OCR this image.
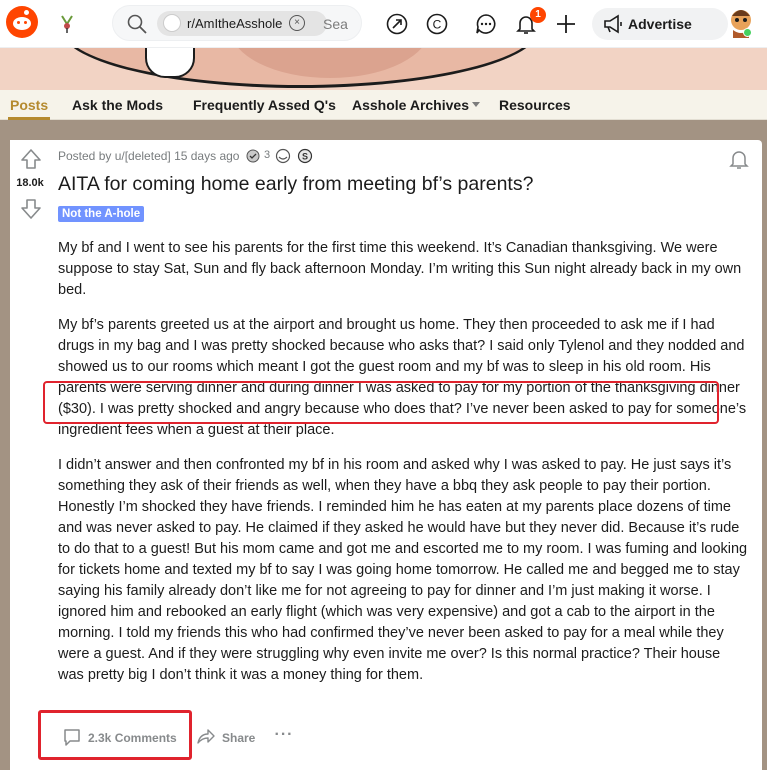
r/AmItheAsshole	×	Sea	C
1
Advertise
Posts Ask the Mods Frequently Assed Q's Asshole Archives Resources
18.0k
Posted by u/[deleted] 15 days ago 3	S
AITA for coming home early from meeting bf’s parents?
Not the A-hole

My bf and I went to see his parents for the first time this weekend. It’s Canadian thanksgiving. We were suppose to stay Sat, Sun and fly back afternoon Monday. I’m writing this Sun night already back in my own bed.

My bf’s parents greeted us at the airport and brought us home. They then proceeded to ask me if I had drugs in my bag and I was pretty shocked because who asks that? I said only Tylenol and they nodded and showed us to our rooms which meant I got the guest room and my bf was to sleep in his old room. His parents were serving dinner and during dinner I was asked to pay for my portion of the thanksgiving dinner ($30). I was pretty shocked and angry because who does that? I’ve never been asked to pay for someone’s ingredient fees when a guest at their place.

I didn’t answer and then confronted my bf in his room and asked why I was asked to pay. He just says it’s something they ask of their friends as well, when they have a bbq they ask people to pay their portion. Honestly I’m shocked they have friends. I reminded him he has eaten at my parents place dozens of time and was never asked to pay. He claimed if they asked he would have but they never did. Because it’s rude to do that to a guest! But his mom came and got me and escorted me to my room. I was fuming and looking for tickets home and texted my bf to say I was going home tomorrow. He called me and begged me to stay saying his family already don’t like me for not agreeing to pay for dinner and I’m just making it worse. I ignored him and rebooked an early flight (which was very expensive) and got a cab to the airport in the morning. I told my friends this who had confirmed they’ve never been asked to pay for a meal while they were a guest. And if they were struggling why even invite me over? Is this normal practice? Their house was pretty big I don’t think it was a money thing for them.

2.3k Comments	Share ···
